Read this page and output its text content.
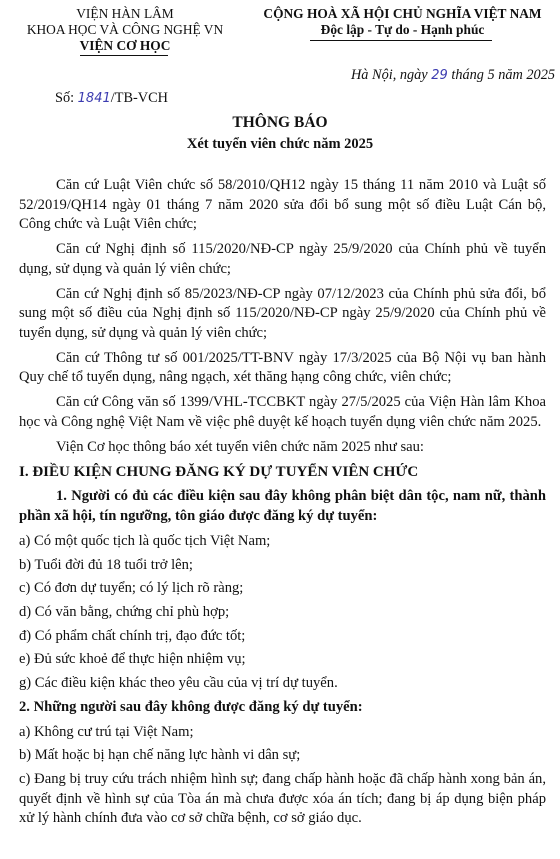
VIỆN HÀN LÂM
KHOA HỌC VÀ CÔNG NGHỆ VN
VIỆN CƠ HỌC
CỘNG HOÀ XÃ HỘI CHỦ NGHĨA VIỆT NAM
Độc lập - Tự do - Hạnh phúc
Hà Nội, ngày 29 tháng 5 năm 2025
Số: 1841/TB-VCH
THÔNG BÁO
Xét tuyển viên chức năm 2025

Căn cứ Luật Viên chức số 58/2010/QH12 ngày 15 tháng 11 năm 2010 và Luật số 52/2019/QH14 ngày 01 tháng 7 năm 2020 sửa đổi bổ sung một số điều Luật Cán bộ, Công chức và Luật Viên chức;

Căn cứ Nghị định số 115/2020/NĐ-CP ngày 25/9/2020 của Chính phủ về tuyển dụng, sử dụng và quản lý viên chức;

Căn cứ Nghị định số 85/2023/NĐ-CP ngày 07/12/2023 của Chính phủ sửa đổi, bổ sung một số điều của Nghị định số 115/2020/NĐ-CP ngày 25/9/2020 của Chính phủ về tuyển dụng, sử dụng và quản lý viên chức;

Căn cứ Thông tư số 001/2025/TT-BNV ngày 17/3/2025 của Bộ Nội vụ ban hành Quy chế tổ tuyển dụng, nâng ngạch, xét thăng hạng công chức, viên chức;

Căn cứ Công văn số 1399/VHL-TCCBKT ngày 27/5/2025 của Viện Hàn lâm Khoa học và Công nghệ Việt Nam về việc phê duyệt kế hoạch tuyển dụng viên chức năm 2025.

Viện Cơ học thông báo xét tuyển viên chức năm 2025 như sau:

I. ĐIỀU KIỆN CHUNG ĐĂNG KÝ DỰ TUYỂN VIÊN CHỨC

1. Người có đủ các điều kiện sau đây không phân biệt dân tộc, nam nữ, thành phần xã hội, tín ngưỡng, tôn giáo được đăng ký dự tuyển:

a) Có một quốc tịch là quốc tịch Việt Nam;

b) Tuổi đời đủ 18 tuổi trở lên;

c) Có đơn dự tuyển; có lý lịch rõ ràng;

d) Có văn bằng, chứng chỉ phù hợp;

đ) Có phẩm chất chính trị, đạo đức tốt;

e) Đủ sức khoẻ để thực hiện nhiệm vụ;

g) Các điều kiện khác theo yêu cầu của vị trí dự tuyển.

2. Những người sau đây không được đăng ký dự tuyển:

a) Không cư trú tại Việt Nam;

b) Mất hoặc bị hạn chế năng lực hành vi dân sự;

c) Đang bị truy cứu trách nhiệm hình sự; đang chấp hành hoặc đã chấp hành xong bản án, quyết định về hình sự của Tòa án mà chưa được xóa án tích; đang bị áp dụng biện pháp xử lý hành chính đưa vào cơ sở chữa bệnh, cơ sở giáo dục.
